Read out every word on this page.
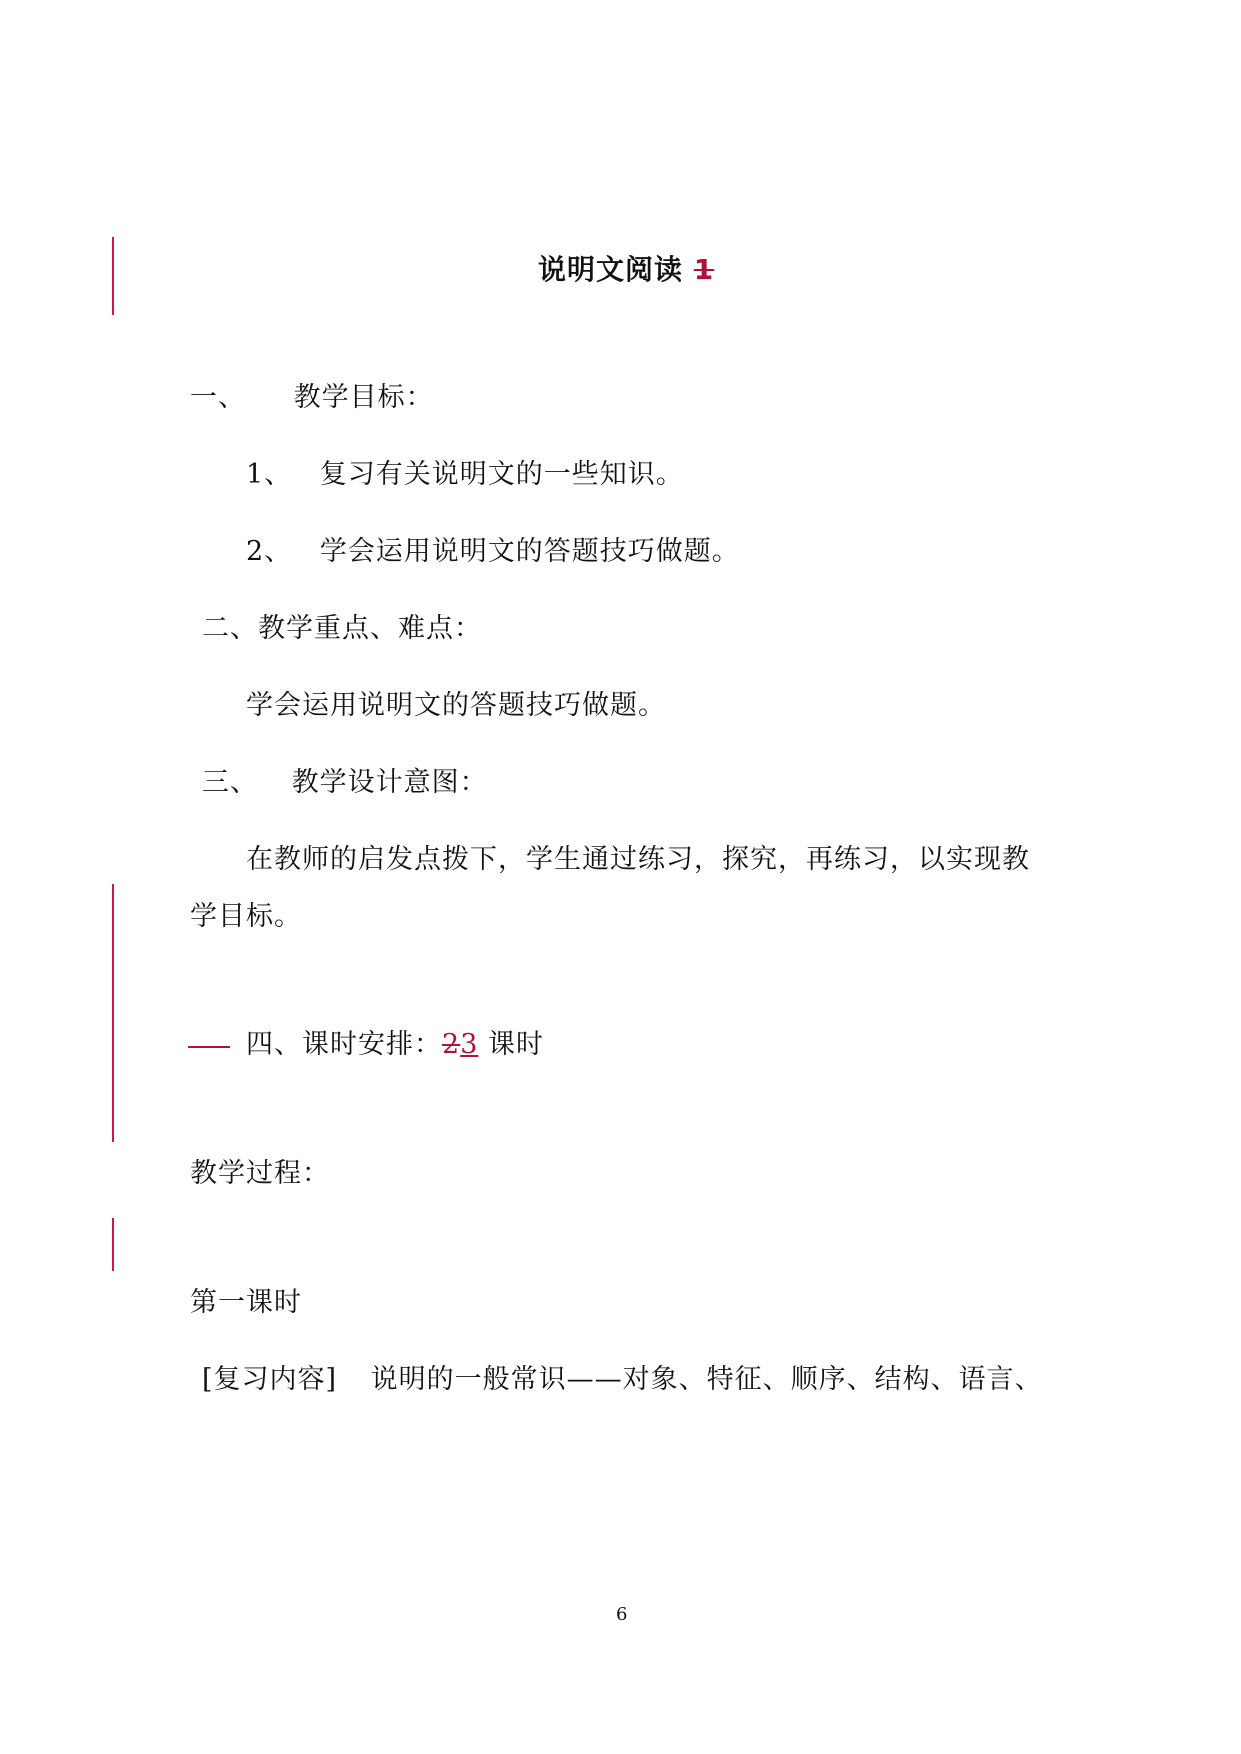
说明文阅读 1
一、 教学目标：
1、 复习有关说明文的一些知识。
2、 学会运用说明文的答题技巧做题。
二、教学重点、难点：
学会运用说明文的答题技巧做题。
三、 教学设计意图：
在教师的启发点拨下，学生通过练习，探究，再练习，以实现教
学目标。
四、课时安排：23 课时
教学过程：
第一课时
[复习内容] 说明的一般常识——对象、特征、顺序、结构、语言、
6
